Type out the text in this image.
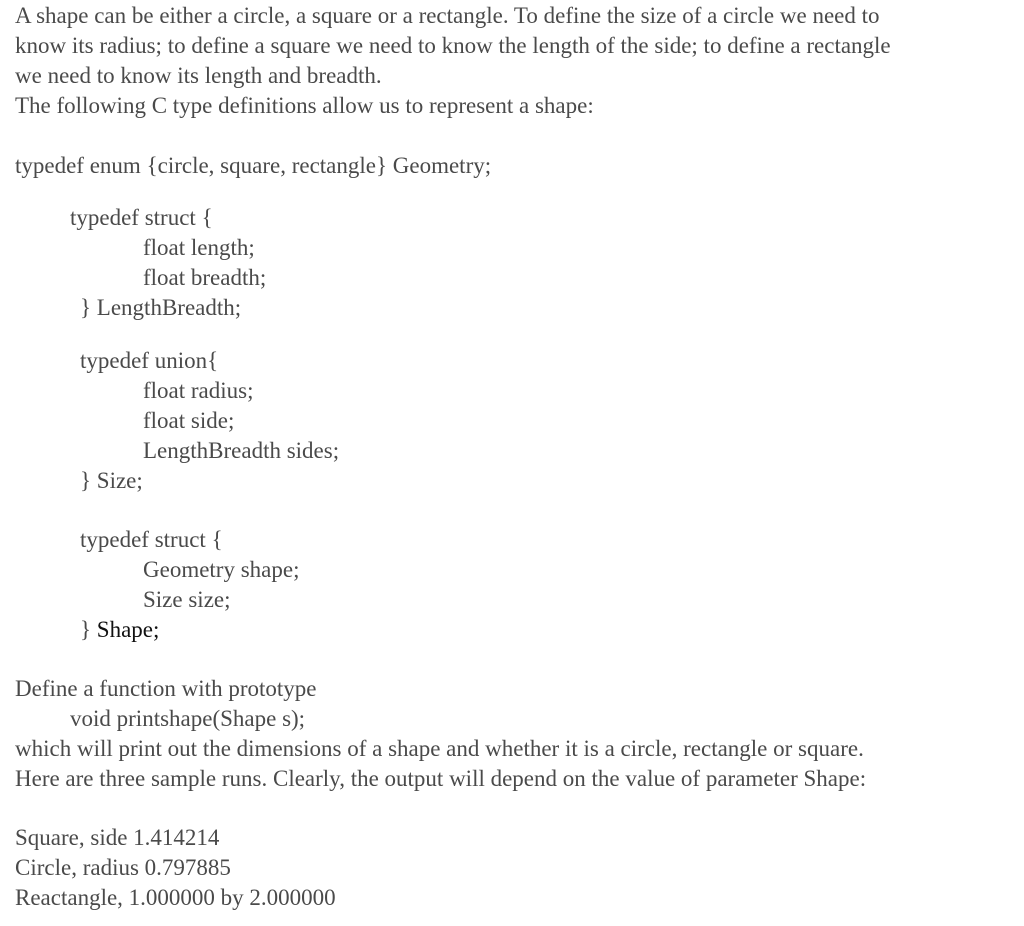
A shape can be either a circle, a square or a rectangle. To define the size of a circle we need to

know its radius; to define a square we need to know the length of the side; to define a rectangle

we need to know its length and breadth.

The following C type definitions allow us to represent a shape:

typedef enum {circle, square, rectangle} Geometry;

typedef struct {

float length;

float breadth;

} LengthBreadth;

typedef union{

float radius;

float side;

LengthBreadth sides;

} Size;

typedef struct {

Geometry shape;

Size size;

} Shape;

Define a function with prototype

void printshape(Shape s);

which will print out the dimensions of a shape and whether it is a circle, rectangle or square.

Here are three sample runs. Clearly, the output will depend on the value of parameter Shape:

Square, side 1.414214

Circle, radius 0.797885

Reactangle, 1.000000 by 2.000000
